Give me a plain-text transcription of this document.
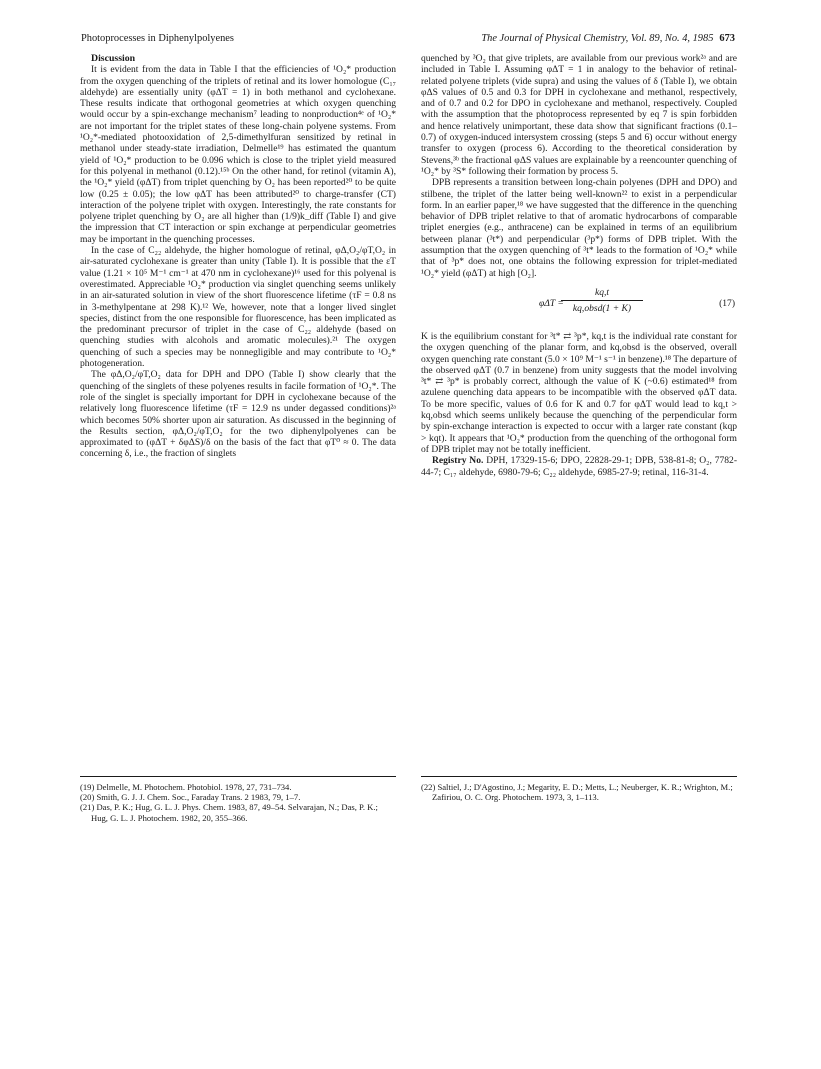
Photoprocesses in Diphenylpolyenes	The Journal of Physical Chemistry, Vol. 89, No. 4, 1985 673

Discussion

It is evident from the data in Table I that the efficiencies of ¹O₂* production from the oxygen quenching of the triplets of retinal and its lower homologue (C₁₇ aldehyde) are essentially unity (φΔT = 1) in both methanol and cyclohexane. These results indicate that orthogonal geometries at which oxygen quenching would occur by a spin-exchange mechanism⁷ leading to nonproduction⁴ᵉ of ¹O₂* are not important for the triplet states of these long-chain polyene systems. From ¹O₂*-mediated photooxidation of 2,5-dimethylfuran sensitized by retinal in methanol under steady-state irradiation, Delmelle¹⁹ has estimated the quantum yield of ¹O₂* production to be 0.096 which is close to the triplet yield measured for this polyenal in methanol (0.12).¹⁵ᵇ On the other hand, for retinol (vitamin A), the ¹O₂* yield (φΔT) from triplet quenching by O₂ has been reported²⁰ to be quite low (0.25 ± 0.05); the low φΔT has been attributed²⁰ to charge-transfer (CT) interaction of the polyene triplet with oxygen. Interestingly, the rate constants for polyene triplet quenching by O₂ are all higher than (1/9)k_diff (Table I) and give the impression that CT interaction or spin exchange at perpendicular geometries may be important in the quenching processes.

In the case of C₂₂ aldehyde, the higher homologue of retinal, φΔ,O₂/φT,O₂ in air-saturated cyclohexane is greater than unity (Table I). It is possible that the εT value (1.21 × 10⁵ M⁻¹ cm⁻¹ at 470 nm in cyclohexane)¹⁶ used for this polyenal is overestimated. Appreciable ¹O₂* production via singlet quenching seems unlikely in an air-saturated solution in view of the short fluorescence lifetime (τF = 0.8 ns in 3-methylpentane at 298 K).¹² We, however, note that a longer lived singlet species, distinct from the one responsible for fluorescence, has been implicated as the predominant precursor of triplet in the case of C₂₂ aldehyde (based on quenching studies with alcohols and aromatic molecules).²¹ The oxygen quenching of such a species may be nonnegligible and may contribute to ¹O₂* photogeneration.

The φΔ,O₂/φT,O₂ data for DPH and DPO (Table I) show clearly that the quenching of the singlets of these polyenes results in facile formation of ¹O₂*. The role of the singlet is specially important for DPH in cyclohexane because of the relatively long fluorescence lifetime (τF = 12.9 ns under degassed conditions)²ᵃ which becomes 50% shorter upon air saturation. As discussed in the beginning of the Results section, φΔ,O₂/φT,O₂ for the two diphenylpolyenes can be approximated to (φΔT + δφΔS)/δ on the basis of the fact that φT⁰ ≈ 0. The data concerning δ, i.e., the fraction of singlets

quenched by ³O₂ that give triplets, are available from our previous work²ᵃ and are included in Table I. Assuming φΔT = 1 in analogy to the behavior of retinal-related polyene triplets (vide supra) and using the values of δ (Table I), we obtain φΔS values of 0.5 and 0.3 for DPH in cyclohexane and methanol, respectively, and of 0.7 and 0.2 for DPO in cyclohexane and methanol, respectively. Coupled with the assumption that the photoprocess represented by eq 7 is spin forbidden and hence relatively unimportant, these data show that significant fractions (0.1–0.7) of oxygen-induced intersystem crossing (steps 5 and 6) occur without energy transfer to oxygen (process 6). According to the theoretical consideration by Stevens,³ᵇ the fractional φΔS values are explainable by a reencounter quenching of ¹O₂* by ³S* following their formation by process 5.

DPB represents a transition between long-chain polyenes (DPH and DPO) and stilbene, the triplet of the latter being well-known²² to exist in a perpendicular form. In an earlier paper,¹⁸ we have suggested that the difference in the quenching behavior of DPB triplet relative to that of aromatic hydrocarbons of comparable triplet energies (e.g., anthracene) can be explained in terms of an equilibrium between planar (³t*) and perpendicular (³p*) forms of DPB triplet. With the assumption that the oxygen quenching of ³t* leads to the formation of ¹O₂* while that of ³p* does not, one obtains the following expression for triplet-mediated ¹O₂* yield (φΔT) at high [O₂].

φΔT =
kq,t
kq,obsd(1 + K)	(17)

K is the equilibrium constant for ³t* ⇄ ³p*, kq,t is the individual rate constant for the oxygen quenching of the planar form, and kq,obsd is the observed, overall oxygen quenching rate constant (5.0 × 10⁹ M⁻¹ s⁻¹ in benzene).¹⁸ The departure of the observed φΔT (0.7 in benzene) from unity suggests that the model involving ³t* ⇄ ³p* is probably correct, although the value of K (~0.6) estimated¹⁸ from azulene quenching data appears to be incompatible with the observed φΔT data. To be more specific, values of 0.6 for K and 0.7 for φΔT would lead to kq,t > kq,obsd which seems unlikely because the quenching of the perpendicular form by spin-exchange interaction is expected to occur with a larger rate constant (kqp > kqt). It appears that ¹O₂* production from the quenching of the orthogonal form of DPB triplet may not be totally inefficient.

Registry No. DPH, 17329-15-6; DPO, 22828-29-1; DPB, 538-81-8; O₂, 7782-44-7; C₁₇ aldehyde, 6980-79-6; C₂₂ aldehyde, 6985-27-9; retinal, 116-31-4.

(19) Delmelle, M. Photochem. Photobiol. 1978, 27, 731–734.

(20) Smith, G. J. J. Chem. Soc., Faraday Trans. 2 1983, 79, 1–7.

(21) Das, P. K.; Hug, G. L. J. Phys. Chem. 1983, 87, 49–54. Selvarajan, N.; Das, P. K.; Hug, G. L. J. Photochem. 1982, 20, 355–366.

(22) Saltiel, J.; D'Agostino, J.; Megarity, E. D.; Metts, L.; Neuberger, K. R.; Wrighton, M.; Zafiriou, O. C. Org. Photochem. 1973, 3, 1–113.
